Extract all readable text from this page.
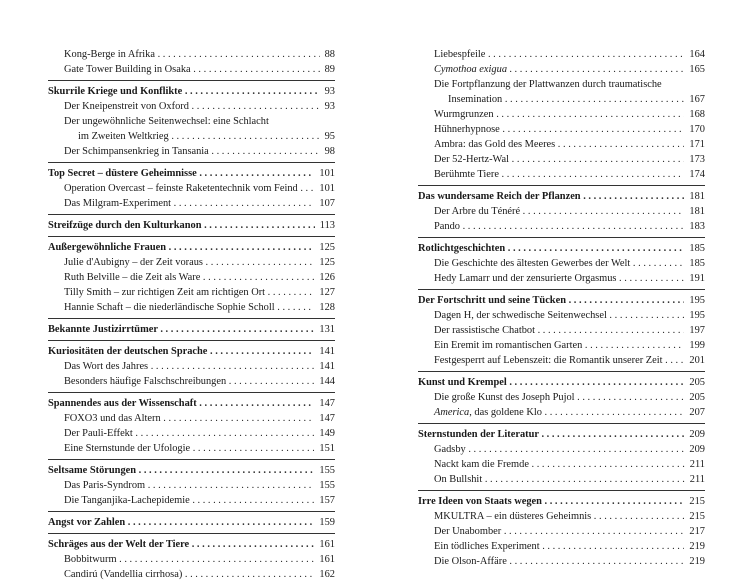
Kong-Berge in Afrika . . .	88
Gate Tower Building in Osaka . . .	89
Skurrile Kriege und Konflikte . . .	93
Der Kneipenstreit von Oxford . . .	93
Der ungewöhnliche Seitenwechsel: eine Schlacht
im Zweiten Weltkrieg . . .	95
Der Schimpansenkrieg in Tansania . . .	98
Top Secret – düstere Geheimnisse . . .	101
Operation Overcast – feinste Raketentechnik vom Feind . . .	101
Das Milgram-Experiment . . .	107
Streifzüge durch den Kulturkanon . . .	113
Außergewöhnliche Frauen . . .	125
Julie d'Aubigny – der Zeit voraus . . .	125
Ruth Belville – die Zeit als Ware . . .	126
Tilly Smith – zur richtigen Zeit am richtigen Ort . . .	127
Hannie Schaft – die niederländische Sophie Scholl . . .	128
Bekannte Justizirrtümer . . .	131
Kuriositäten der deutschen Sprache . . .	141
Das Wort des Jahres . . .	141
Besonders häufige Falschschreibungen . . .	144
Spannendes aus der Wissenschaft . . .	147
FOXO3 und das Altern . . .	147
Der Pauli-Effekt . . .	149
Eine Sternstunde der Ufologie . . .	151
Seltsame Störungen . . .	155
Das Paris-Syndrom . . .	155
Die Tanganjika-Lachepidemie . . .	157
Angst vor Zahlen . . .	159
Schräges aus der Welt der Tiere . . .	161
Bobbitwurm . . .	161
Candirú (Vandellia cirrhosa) . . .	162
Liebespfeile . . .	164
Cymothoa exigua . . .	165
Die Fortpflanzung der Plattwanzen durch traumatische
Insemination . . .	167
Wurmgrunzen . . .	168
Hühnerhypnose . . .	170
Ambra: das Gold des Meeres . . .	171
Der 52-Hertz-Wal . . .	173
Berühmte Tiere . . .	174
Das wundersame Reich der Pflanzen . . .	181
Der Arbre du Ténéré . . .	181
Pando . . .	183
Rotlichtgeschichten . . .	185
Die Geschichte des ältesten Gewerbes der Welt . . .	185
Hedy Lamarr und der zensurierte Orgasmus . . .	191
Der Fortschritt und seine Tücken . . .	195
Dagen H, der schwedische Seitenwechsel . . .	195
Der rassistische Chatbot . . .	197
Ein Eremit im romantischen Garten . . .	199
Festgesperrt auf Lebenszeit: die Romantik unserer Zeit . . .	201
Kunst und Krempel . . .	205
Die große Kunst des Joseph Pujol . . .	205
America, das goldene Klo . . .	207
Sternstunden der Literatur . . .	209
Gadsby . . .	209
Nackt kam die Fremde . . .	211
On Bullshit . . .	211
Irre Ideen von Staats wegen . . .	215
MKULTRA – ein düsteres Geheimnis . . .	215
Der Unabomber . . .	217
Ein tödliches Experiment . . .	219
Die Olson-Affäre . . .	219
